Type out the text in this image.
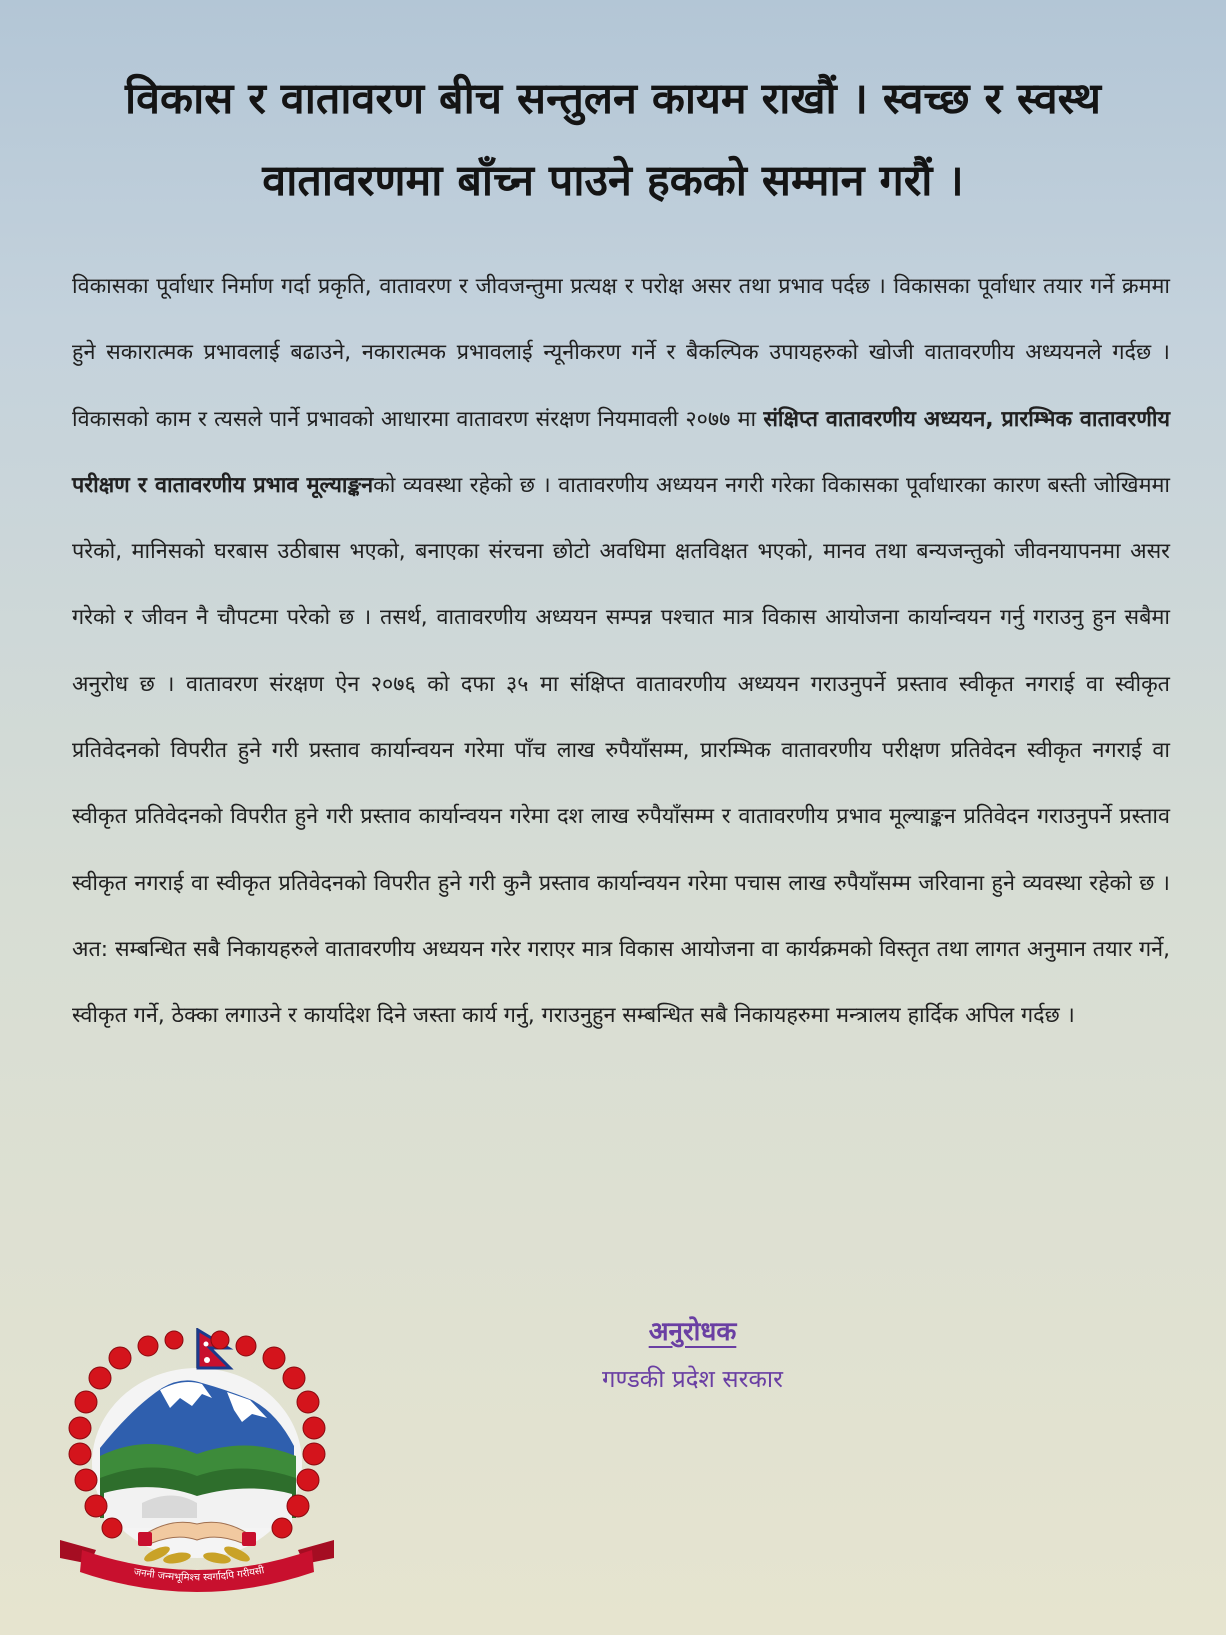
विकास र वातावरण बीच सन्तुलन कायम राखौं । स्वच्छ र स्वस्थ
वातावरणमा बाँच्न पाउने हकको सम्मान गरौं ।
विकासका पूर्वाधार निर्माण गर्दा प्रकृति, वातावरण र जीवजन्तुमा प्रत्यक्ष र परोक्ष असर तथा प्रभाव पर्दछ । विकासका पूर्वाधार तयार गर्ने क्रममा हुने सकारात्मक प्रभावलाई बढाउने, नकारात्मक प्रभावलाई न्यूनीकरण गर्ने र बैकल्पिक उपायहरुको खोजी वातावरणीय अध्ययनले गर्दछ । विकासको काम र त्यसले पार्ने प्रभावको आधारमा वातावरण संरक्षण नियमावली २०७७ मा संक्षिप्त वातावरणीय अध्ययन, प्रारम्भिक वातावरणीय परीक्षण र वातावरणीय प्रभाव मूल्याङ्कनको व्यवस्था रहेको छ । वातावरणीय अध्ययन नगरी गरेका विकासका पूर्वाधारका कारण बस्ती जोखिममा परेको, मानिसको घरबास उठीबास भएको, बनाएका संरचना छोटो अवधिमा क्षतविक्षत भएको, मानव तथा बन्यजन्तुको जीवनयापनमा असर गरेको र जीवन नै चौपटमा परेको छ । तसर्थ, वातावरणीय अध्ययन सम्पन्न पश्चात मात्र विकास आयोजना कार्यान्वयन गर्नु गराउनु हुन सबैमा अनुरोध छ । वातावरण संरक्षण ऐन २०७६ को दफा ३५ मा संक्षिप्त वातावरणीय अध्ययन गराउनुपर्ने प्रस्ताव स्वीकृत नगराई वा स्वीकृत प्रतिवेदनको विपरीत हुने गरी प्रस्ताव कार्यान्वयन गरेमा पाँच लाख रुपैयाँसम्म, प्रारम्भिक वातावरणीय परीक्षण प्रतिवेदन स्वीकृत नगराई वा स्वीकृत प्रतिवेदनको विपरीत हुने गरी प्रस्ताव कार्यान्वयन गरेमा दश लाख रुपैयाँसम्म र वातावरणीय प्रभाव मूल्याङ्कन प्रतिवेदन गराउनुपर्ने प्रस्ताव स्वीकृत नगराई वा स्वीकृत प्रतिवेदनको विपरीत हुने गरी कुनै प्रस्ताव कार्यान्वयन गरेमा पचास लाख रुपैयाँसम्म जरिवाना हुने व्यवस्था रहेको छ । अत: सम्बन्धित सबै निकायहरुले वातावरणीय अध्ययन गरेर गराएर मात्र विकास आयोजना वा कार्यक्रमको विस्तृत तथा लागत अनुमान तयार गर्ने, स्वीकृत गर्ने, ठेक्का लगाउने र कार्यादेश दिने जस्ता कार्य गर्नु, गराउनुहुन सम्बन्धित सबै निकायहरुमा मन्त्रालय हार्दिक अपिल गर्दछ ।
अनुरोधक
गण्डकी प्रदेश सरकार
जननी जन्मभूमिश्च स्वर्गादपि गरीयसी
